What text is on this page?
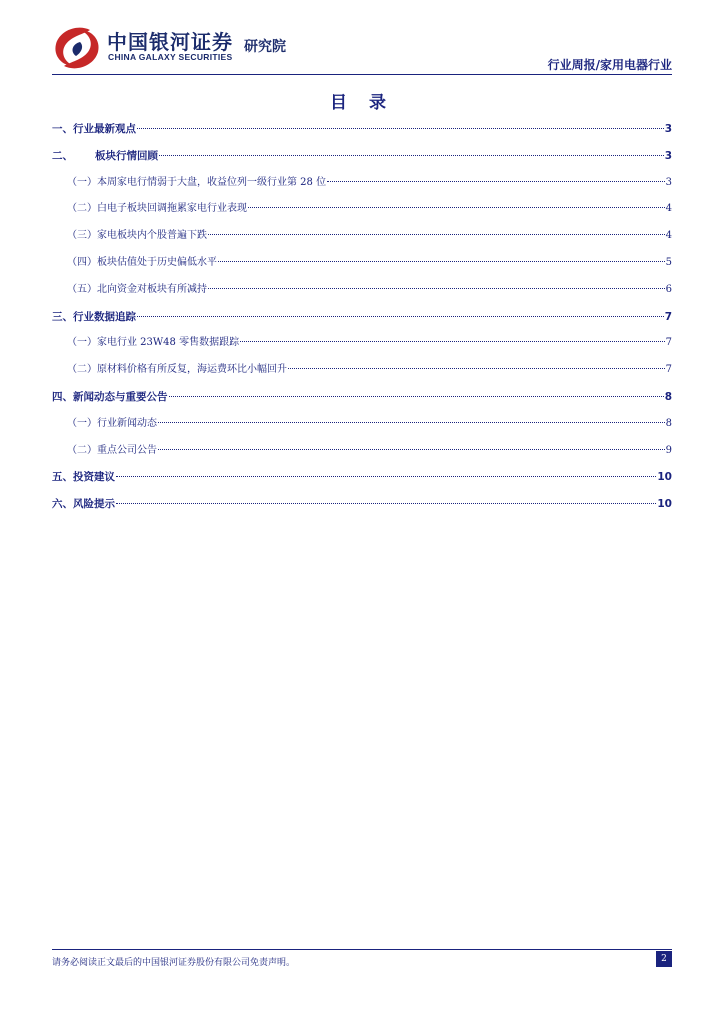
中国银河证券
CHINA GALAXY SECURITIES
研究院
行业周报/家用电器行业
目 录
一、 行业最新观点	3
二、 板块行情回顾	3
（一）本周家电行情弱于大盘，收益位列一级行业第 28 位	3
（二）白电子板块回调拖累家电行业表现	4
（三）家电板块内个股普遍下跌	4
（四）板块估值处于历史偏低水平	5
（五）北向资金对板块有所减持	6
三、 行业数据追踪	7
（一）家电行业 23W48 零售数据跟踪	7
（二）原材料价格有所反复，海运费环比小幅回升	7
四、 新闻动态与重要公告	8
（一）行业新闻动态	8
（二）重点公司公告	9
五、 投资建议	10
六、 风险提示	10
请务必阅读正文最后的中国银河证券股份有限公司免责声明。	2
